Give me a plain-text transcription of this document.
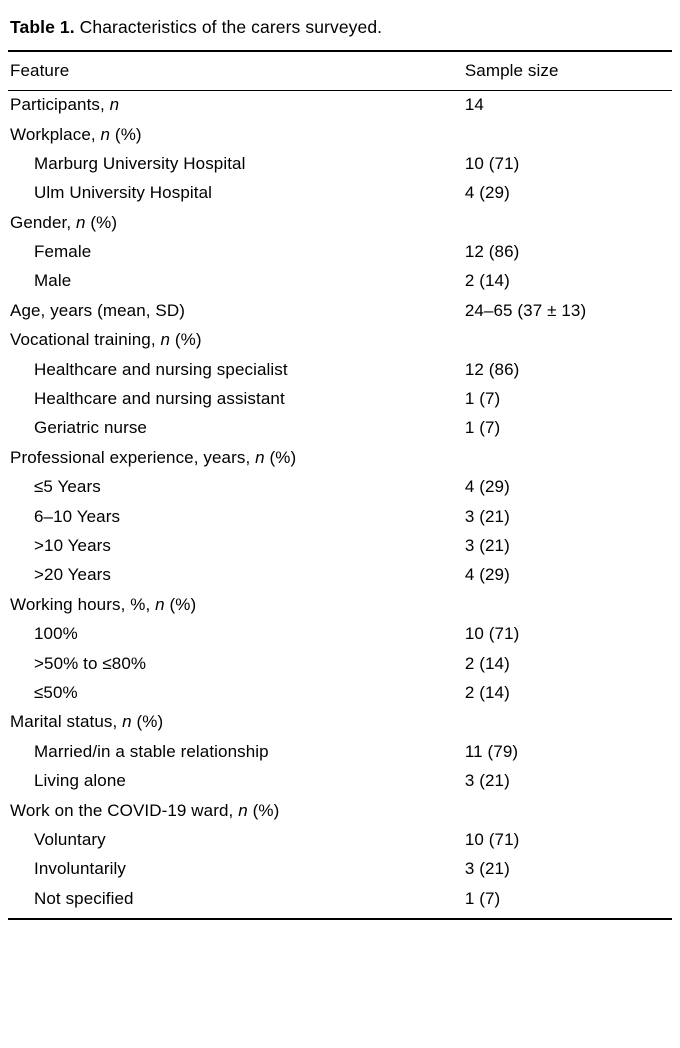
Table 1. Characteristics of the carers surveyed.
Feature	Sample size
Participants, n	14
Workplace, n (%)	
Marburg University Hospital	10 (71)
Ulm University Hospital	4 (29)
Gender, n (%)	
Female	12 (86)
Male	2 (14)
Age, years (mean, SD)	24–65 (37 ± 13)
Vocational training, n (%)	
Healthcare and nursing specialist	12 (86)
Healthcare and nursing assistant	1 (7)
Geriatric nurse	1 (7)
Professional experience, years, n (%)	
≤5 Years	4 (29)
6–10 Years	3 (21)
>10 Years	3 (21)
>20 Years	4 (29)
Working hours, %, n (%)	
100%	10 (71)
>50% to ≤80%	2 (14)
≤50%	2 (14)
Marital status, n (%)	
Married/in a stable relationship	11 (79)
Living alone	3 (21)
Work on the COVID-19 ward, n (%)	
Voluntary	10 (71)
Involuntarily	3 (21)
Not specified	1 (7)
